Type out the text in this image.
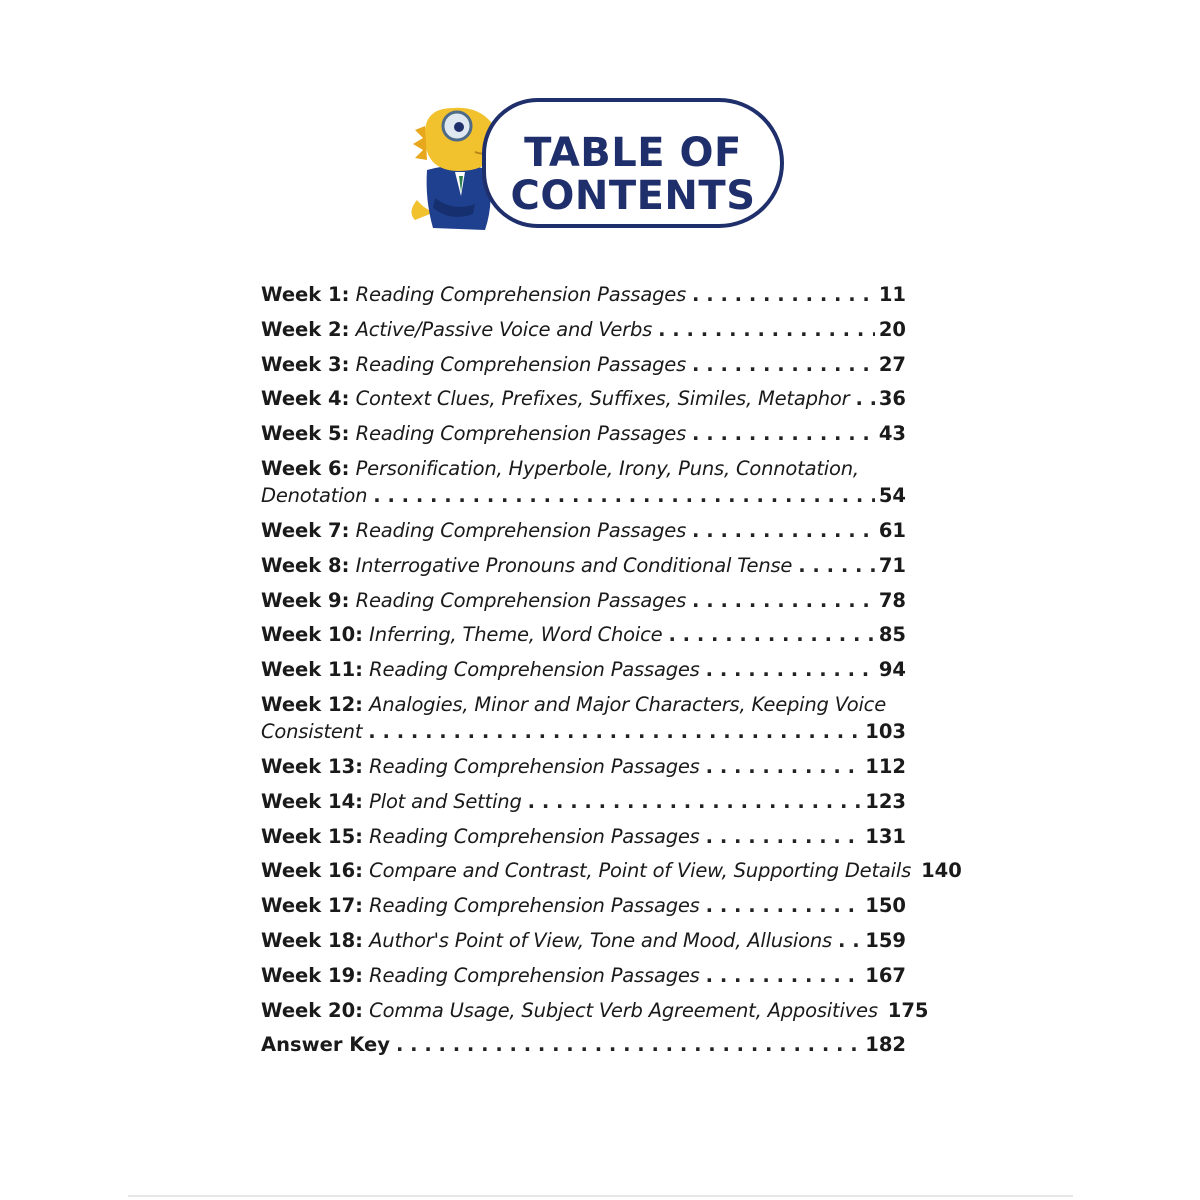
TABLE OF
CONTENTS
Week 1:
Reading Comprehension Passages . . .	11
Week 2:
Active/Passive Voice and Verbs . . .	20
Week 3:
Reading Comprehension Passages . . .	27
Week 4:
Context Clues, Prefixes, Suffixes, Similes, Metaphor . . . 36
Week 5:
Reading Comprehension Passages . . .	43
Week 6: Personification, Hyperbole, Irony, Puns, Connotation,
Denotation . . .	54
Week 7:
Reading Comprehension Passages . . .	61
Week 8:
Interrogative Pronouns and Conditional Tense . . .	71
Week 9:
Reading Comprehension Passages . . .	78
Week 10:
Inferring, Theme, Word Choice . . .	85
Week 11:
Reading Comprehension Passages . . .	94
Week 12: Analogies, Minor and Major Characters, Keeping Voice
Consistent . . .	103
Week 13:
Reading Comprehension Passages . . .	112
Week 14:
Plot and Setting . . .	123
Week 15:
Reading Comprehension Passages . . .	131
Week 16:
Compare and Contrast, Point of View, Supporting Details 140
Week 17:
Reading Comprehension Passages . . .	150
Week 18:
Author's Point of View, Tone and Mood, Allusions . . . 159
Week 19:
Reading Comprehension Passages . . .	167
Week 20:
Comma Usage, Subject Verb Agreement, Appositives 175
Answer Key . . .	182
